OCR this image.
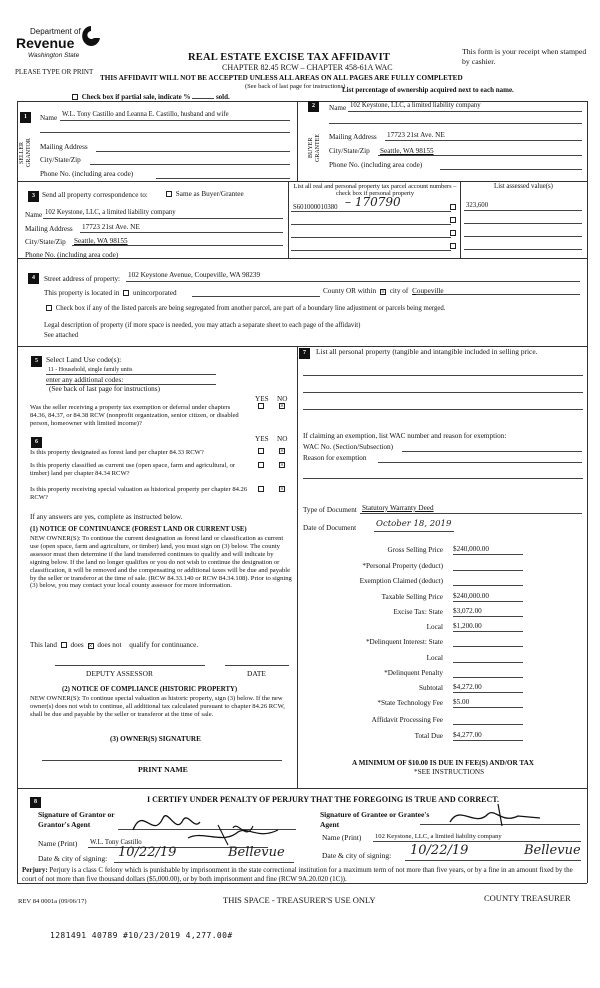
Department of
Revenue
Washington State	REAL ESTATE EXCISE TAX AFFIDAVIT
CHAPTER 82.45 RCW – CHAPTER 458-61A WAC
This form is your receipt when stamped by cashier.
PLEASE TYPE OR PRINT
THIS AFFIDAVIT WILL NOT BE ACCEPTED UNLESS ALL AREAS ON ALL PAGES ARE FULLY COMPLETED
(See back of last page for instructions)
Check box if partial sale, indicate %	sold.
List percentage of ownership acquired next to each name.
1
SELLER GRANTOR
Name W.L. Tony Castillo and Leanna E. Castillo, husband and wife
Mailing Address
City/State/Zip
Phone No. (including area code)
2
BUYER GRANTEE
Name 102 Keystone, LLC, a limited liability company
Mailing Address 17723 21st Ave. NE
City/State/Zip Seattle, WA 98155
Phone No. (including area code)
3 Send all property correspondence to:	Same as Buyer/Grantee
Name 102 Keystone, LLC, a limited liability company
Mailing Address 17723 21st Ave. NE
City/State/Zip Seattle, WA 98155
Phone No. (including area code)
List all real and personal property tax parcel account numbers – check box if personal property
List assessed value(s)
S601000010380 – 170790	323,600
4	Street address of property: 102 Keystone Avenue, Coupeville, WA 98239
This property is located in unincorporated	County OR within × city of Coupeville
Check box if any of the listed parcels are being segregated from another parcel, are part of a boundary line adjustment or parcels being merged.
Legal description of property (if more space is needed, you may attach a separate sheet to each page of the affidavit)
See attached
5	Select Land Use code(s):
11 - Household, single family units
enter any additional codes:
(See back of last page for instructions)
YES NO
Was the seller receiving a property tax exemption or deferral under chapters 84.36, 84.37, or 84.38 RCW (nonprofit organization, senior citizen, or disabled person, homeowner with limited income)?
×
6	YES NO
Is this property designated as forest land per chapter 84.33 RCW?
×
Is this property classified as current use (open space, farm and agricultural, or timber) land per chapter 84.34 RCW?
×
Is this property receiving special valuation as historical property per chapter 84.26 RCW?
×
If any answers are yes, complete as instructed below.
(1) NOTICE OF CONTINUANCE (FOREST LAND OR CURRENT USE)
NEW OWNER(S): To continue the current designation as forest land or classification as current use (open space, farm and agriculture, or timber) land, you must sign on (3) below. The county assessor must then determine if the land transferred continues to qualify and will indicate by signing below. If the land no longer qualifies or you do not wish to continue the designation or classification, it will be removed and the compensating or additional taxes will be due and payable by the seller or transferor at the time of sale. (RCW 84.33.140 or RCW 84.34.108). Prior to signing (3) below, you may contact your local county assessor for more information.
This land does × does not qualify for continuance.
DEPUTY ASSESSOR	DATE
(2) NOTICE OF COMPLIANCE (HISTORIC PROPERTY)
NEW OWNER(S): To continue special valuation as historic property, sign (3) below. If the new owner(s) does not wish to continue, all additional tax calculated pursuant to chapter 84.26 RCW, shall be due and payable by the seller or transferor at the time of sale.
(3) OWNER(S) SIGNATURE
PRINT NAME
7	List all personal property (tangible and intangible included in selling price.
If claiming an exemption, list WAC number and reason for exemption:
WAC No. (Section/Subsection)
Reason for exemption
Type of Document Statutory Warranty Deed
Date of Document October 18, 2019
Gross Selling Price $240,000.00
*Personal Property (deduct)
Exemption Claimed (deduct)
Taxable Selling Price $240,000.00
Excise Tax: State $3,072.00
Local $1,200.00
*Delinquent Interest: State
Local
*Delinquent Penalty
Subtotal $4,272.00
*State Technology Fee $5.00
Affidavit Processing Fee
Total Due $4,277.00
A MINIMUM OF $10.00 IS DUE IN FEE(S) AND/OR TAX
*SEE INSTRUCTIONS
8	I CERTIFY UNDER PENALTY OF PERJURY THAT THE FOREGOING IS TRUE AND CORRECT.
Signature of Grantor or Grantor's Agent
Signature of Grantee or Grantee's Agent
Name (Print) W.L. Tony Castillo
Name (Print) 102 Keystone, LLC, a limited liability company
Date & city of signing: 10/22/19	Bellevue	Date & city of signing: 10/22/19	Bellevue
Perjury: Perjury is a class C felony which is punishable by imprisonment in the state correctional institution for a maximum term of not more than five years, or by a fine in an amount fixed by the court of not more than five thousand dollars ($5,000.00), or by both imprisonment and fine (RCW 9A.20.020 (1C)).
REV 84 0001a (09/06/17)	THIS SPACE - TREASURER'S USE ONLY	COUNTY TREASURER
1281491 40789 #10/23/2019 4,277.00#
